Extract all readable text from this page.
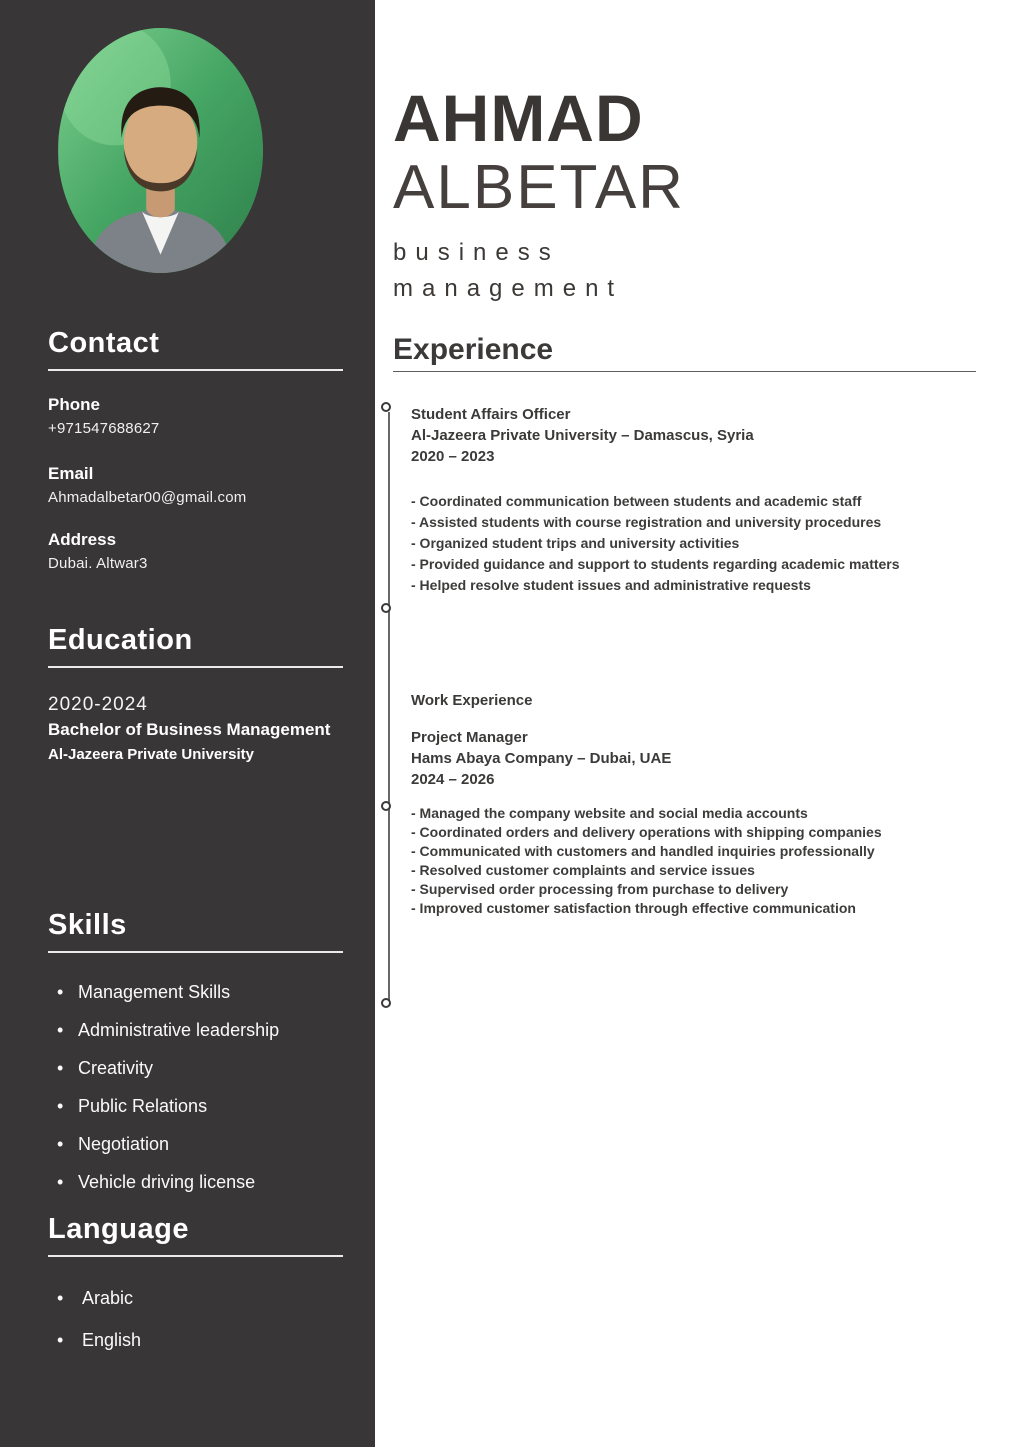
Contact
Phone
+971547688627
Email
Ahmadalbetar00@gmail.com
Address
Dubai. Altwar3
Education
2020-2024
Bachelor of Business Management
Al-Jazeera Private University
Skills
• Management Skills
• Administrative leadership
• Creativity
• Public Relations
• Negotiation
• Vehicle driving license
Language
• Arabic
• English
AHMAD
ALBETAR

business management

Experience

Student Affairs Officer

Al-Jazeera Private University – Damascus, Syria

2020 – 2023

- Coordinated communication between students and academic staff
- Assisted students with course registration and university procedures
- Organized student trips and university activities
- Provided guidance and support to students regarding academic matters
- Helped resolve student issues and administrative requests

Work Experience

Project Manager

Hams Abaya Company – Dubai, UAE

2024 – 2026

- Managed the company website and social media accounts
- Coordinated orders and delivery operations with shipping companies
- Communicated with customers and handled inquiries professionally
- Resolved customer complaints and service issues
- Supervised order processing from purchase to delivery
- Improved customer satisfaction through effective communication
